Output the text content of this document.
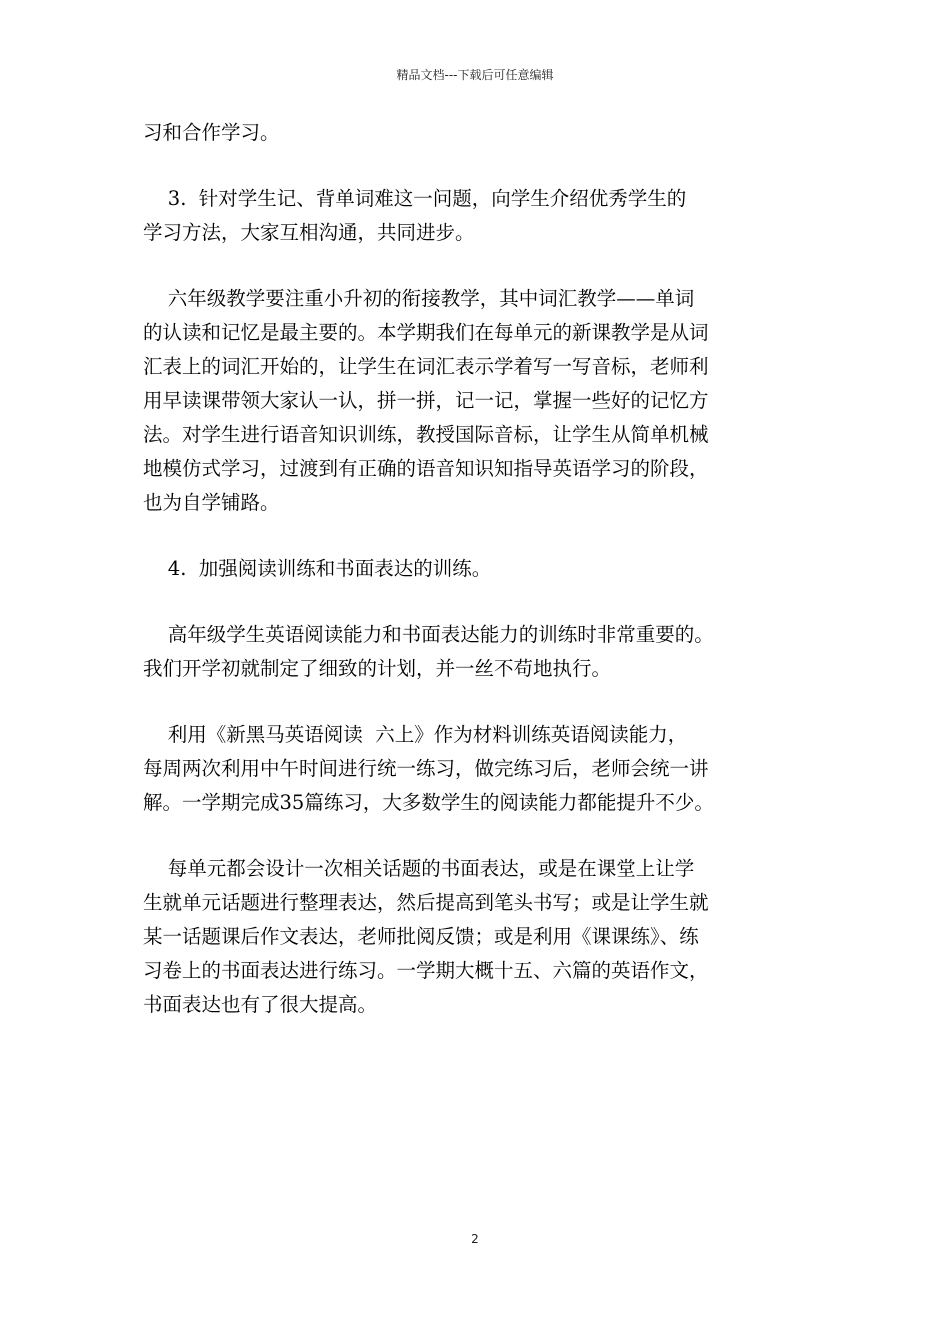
精品文档---下载后可任意编辑

习和合作学习。

3.  针对学生记、背单词难这一问题，向学生介绍优秀学生的
学习方法，大家互相沟通，共同进步。

六年级教学要注重小升初的衔接教学，其中词汇教学——单词
的认读和记忆是最主要的。本学期我们在每单元的新课教学是从词
汇表上的词汇开始的，让学生在词汇表示学着写一写音标，老师利
用早读课带领大家认一认，拼一拼，记一记，掌握一些好的记忆方
法。对学生进行语音知识训练，教授国际音标，让学生从简单机械
地模仿式学习，过渡到有正确的语音知识知指导英语学习的阶段，
也为自学铺路。

4.  加强阅读训练和书面表达的训练。

高年级学生英语阅读能力和书面表达能力的训练时非常重要的。
我们开学初就制定了细致的计划，并一丝不苟地执行。

利用《新黑马英语阅读  六上》作为材料训练英语阅读能力，
每周两次利用中午时间进行统一练习，做完练习后，老师会统一讲
解。一学期完成35篇练习，大多数学生的阅读能力都能提升不少。

每单元都会设计一次相关话题的书面表达，或是在课堂上让学
生就单元话题进行整理表达，然后提高到笔头书写；或是让学生就
某一话题课后作文表达，老师批阅反馈；或是利用《课课练》、练
习卷上的书面表达进行练习。一学期大概十五、六篇的英语作文，
书面表达也有了很大提高。

2
